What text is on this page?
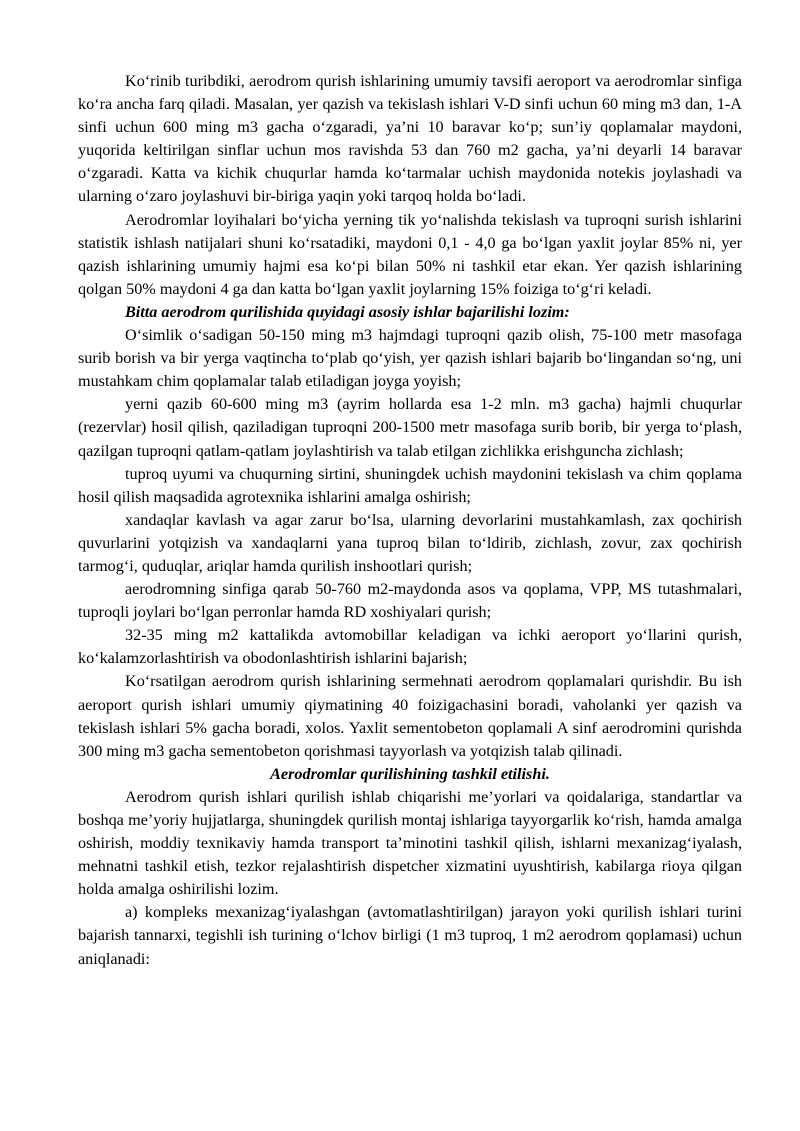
Koʻrinib turibdiki, aerodrom qurish ishlarining umumiy tavsifi aeroport va aerodromlar sinfiga koʻra ancha farq qiladi. Masalan, yer qazish va tekislash ishlari V-D sinfi uchun 60 ming m3 dan, 1-A sinfi uchun 600 ming m3 gacha oʻzgaradi, ya’ni 10 baravar koʻp; sun’iy qoplamalar maydoni, yuqorida keltirilgan sinflar uchun mos ravishda 53 dan 760 m2 gacha, ya’ni deyarli 14 baravar oʻzgaradi. Katta va kichik chuqurlar hamda koʻtarmalar uchish maydonida notekis joylashadi va ularning oʻzaro joylashuvi bir-biriga yaqin yoki tarqoq holda boʻladi.

Aerodromlar loyihalari boʻyicha yerning tik yoʻnalishda tekislash va tuproqni surish ishlarini statistik ishlash natijalari shuni koʻrsatadiki, maydoni 0,1 - 4,0 ga boʻlgan yaxlit joylar 85% ni, yer qazish ishlarining umumiy hajmi esa koʻpi bilan 50% ni tashkil etar ekan. Yer qazish ishlarining qolgan 50% maydoni 4 ga dan katta boʻlgan yaxlit joylarning 15% foiziga toʻgʻri keladi.

Bitta aerodrom qurilishida quyidagi asosiy ishlar bajarilishi lozim:

Oʻsimlik oʻsadigan 50-150 ming m3 hajmdagi tuproqni qazib olish, 75-100 metr masofaga surib borish va bir yerga vaqtincha toʻplab qoʻyish, yer qazish ishlari bajarib boʻlingandan soʻng, uni mustahkam chim qoplamalar talab etiladigan joyga yoyish;

yerni qazib 60-600 ming m3 (ayrim hollarda esa 1-2 mln. m3 gacha) hajmli chuqurlar (rezervlar) hosil qilish, qaziladigan tuproqni 200-1500 metr masofaga surib borib, bir yerga toʻplash, qazilgan tuproqni qatlam-qatlam joylashtirish va talab etilgan zichlikka erishguncha zichlash;

tuproq uyumi va chuqurning sirtini, shuningdek uchish maydonini tekislash va chim qoplama hosil qilish maqsadida agrotexnika ishlarini amalga oshirish;

xandaqlar kavlash va agar zarur boʻlsa, ularning devorlarini mustahkamlash, zax qochirish quvurlarini yotqizish va xandaqlarni yana tuproq bilan toʻldirib, zichlash, zovur, zax qochirish tarmogʻi, quduqlar, ariqlar hamda qurilish inshootlari qurish;

aerodromning sinfiga qarab 50-760 m2-maydonda asos va qoplama, VPP, MS tutashmalari, tuproqli joylari boʻlgan perronlar hamda RD xoshiyalari qurish;

32-35 ming m2 kattalikda avtomobillar keladigan va ichki aeroport yoʻllarini qurish, koʻkalamzorlashtirish va obodonlashtirish ishlarini bajarish;

Koʻrsatilgan aerodrom qurish ishlarining sermehnati aerodrom qoplamalari qurishdir. Bu ish aeroport qurish ishlari umumiy qiymatining 40 foizigachasini boradi, vaholanki yer qazish va tekislash ishlari 5% gacha boradi, xolos. Yaxlit sementobeton qoplamali A sinf aerodromini qurishda 300 ming m3 gacha sementobeton qorishmasi tayyorlash va yotqizish talab qilinadi.

Aerodromlar qurilishining tashkil etilishi.

Aerodrom qurish ishlari qurilish ishlab chiqarishi me’yorlari va qoidalariga, standartlar va boshqa me’yoriy hujjatlarga, shuningdek qurilish montaj ishlariga tayyorgarlik koʻrish, hamda amalga oshirish, moddiy texnikaviy hamda transport ta’minotini tashkil qilish, ishlarni mexanizagʻiyalash, mehnatni tashkil etish, tezkor rejalashtirish dispetcher xizmatini uyushtirish, kabilarga rioya qilgan holda amalga oshirilishi lozim.

a) kompleks mexanizagʻiyalashgan (avtomatlashtirilgan) jarayon yoki qurilish ishlari turini bajarish tannarxi, tegishli ish turining oʻlchov birligi (1 m3 tuproq, 1 m2 aerodrom qoplamasi) uchun aniqlanadi:
